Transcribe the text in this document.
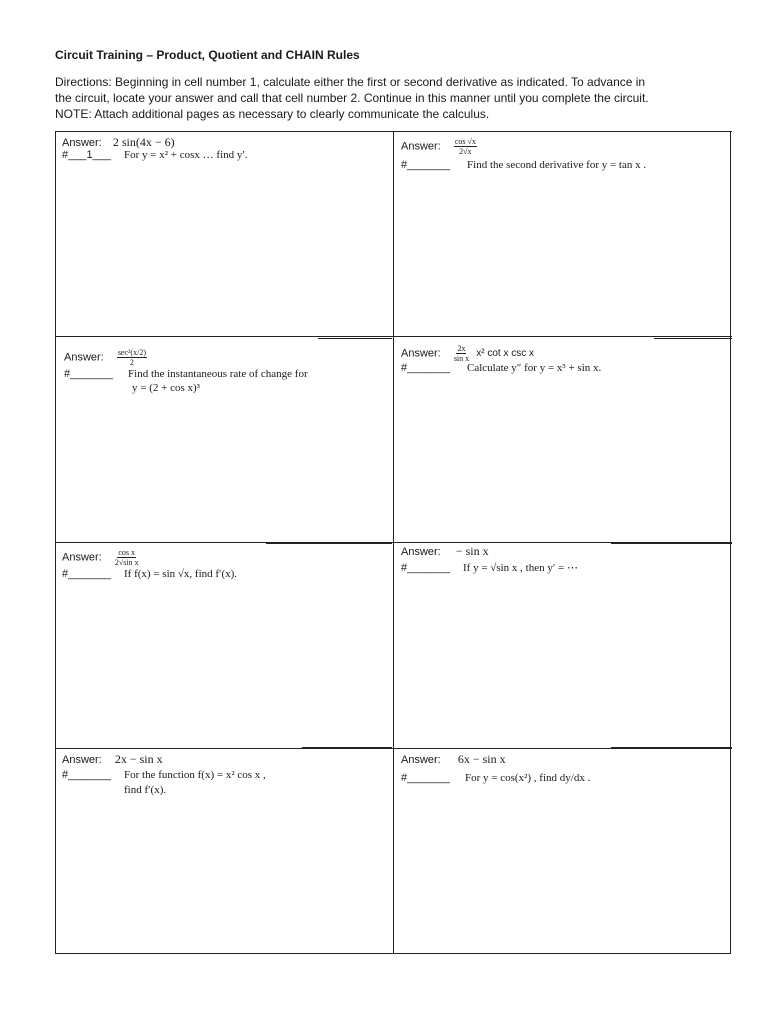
Circuit Training – Product, Quotient and CHAIN Rules
Directions: Beginning in cell number 1, calculate either the first or second derivative as indicated. To advance in
the circuit, locate your answer and call that cell number 2. Continue in this manner until you complete the circuit.
NOTE: Attach additional pages as necessary to clearly communicate the calculus.
Answer: 2 sin(4x − 6)
#___1___ For y = x² + cosx … find y′.
Answer: $\frac{\cos √x}{2√x}$
#_______ Find the second derivative for y = tan x .
Answer: $\frac{\text{sec²(x/2)}}{2}$
#_______ Find the instantaneous rate of change for
y = (2 + cos x)³
Answer: $\frac{2x}{\text{sin x}} x^2$ cot x csc x
#_______ Calculate y″ for y = x³ + sin x.
Answer: $\frac{\text{cos x}}{\text{2√sin x}}$
#_______ If f(x) = sin √x, find f′(x).
Answer: − sin x
#_______ If y = √sin x , then y′ = ⋯
Answer: 2x − sin x
#_______ For the function f(x) = x² cos x ,
find f′(x).
Answer: 6x − sin x
#_______ For y = cos(x²) , find dy/dx .
